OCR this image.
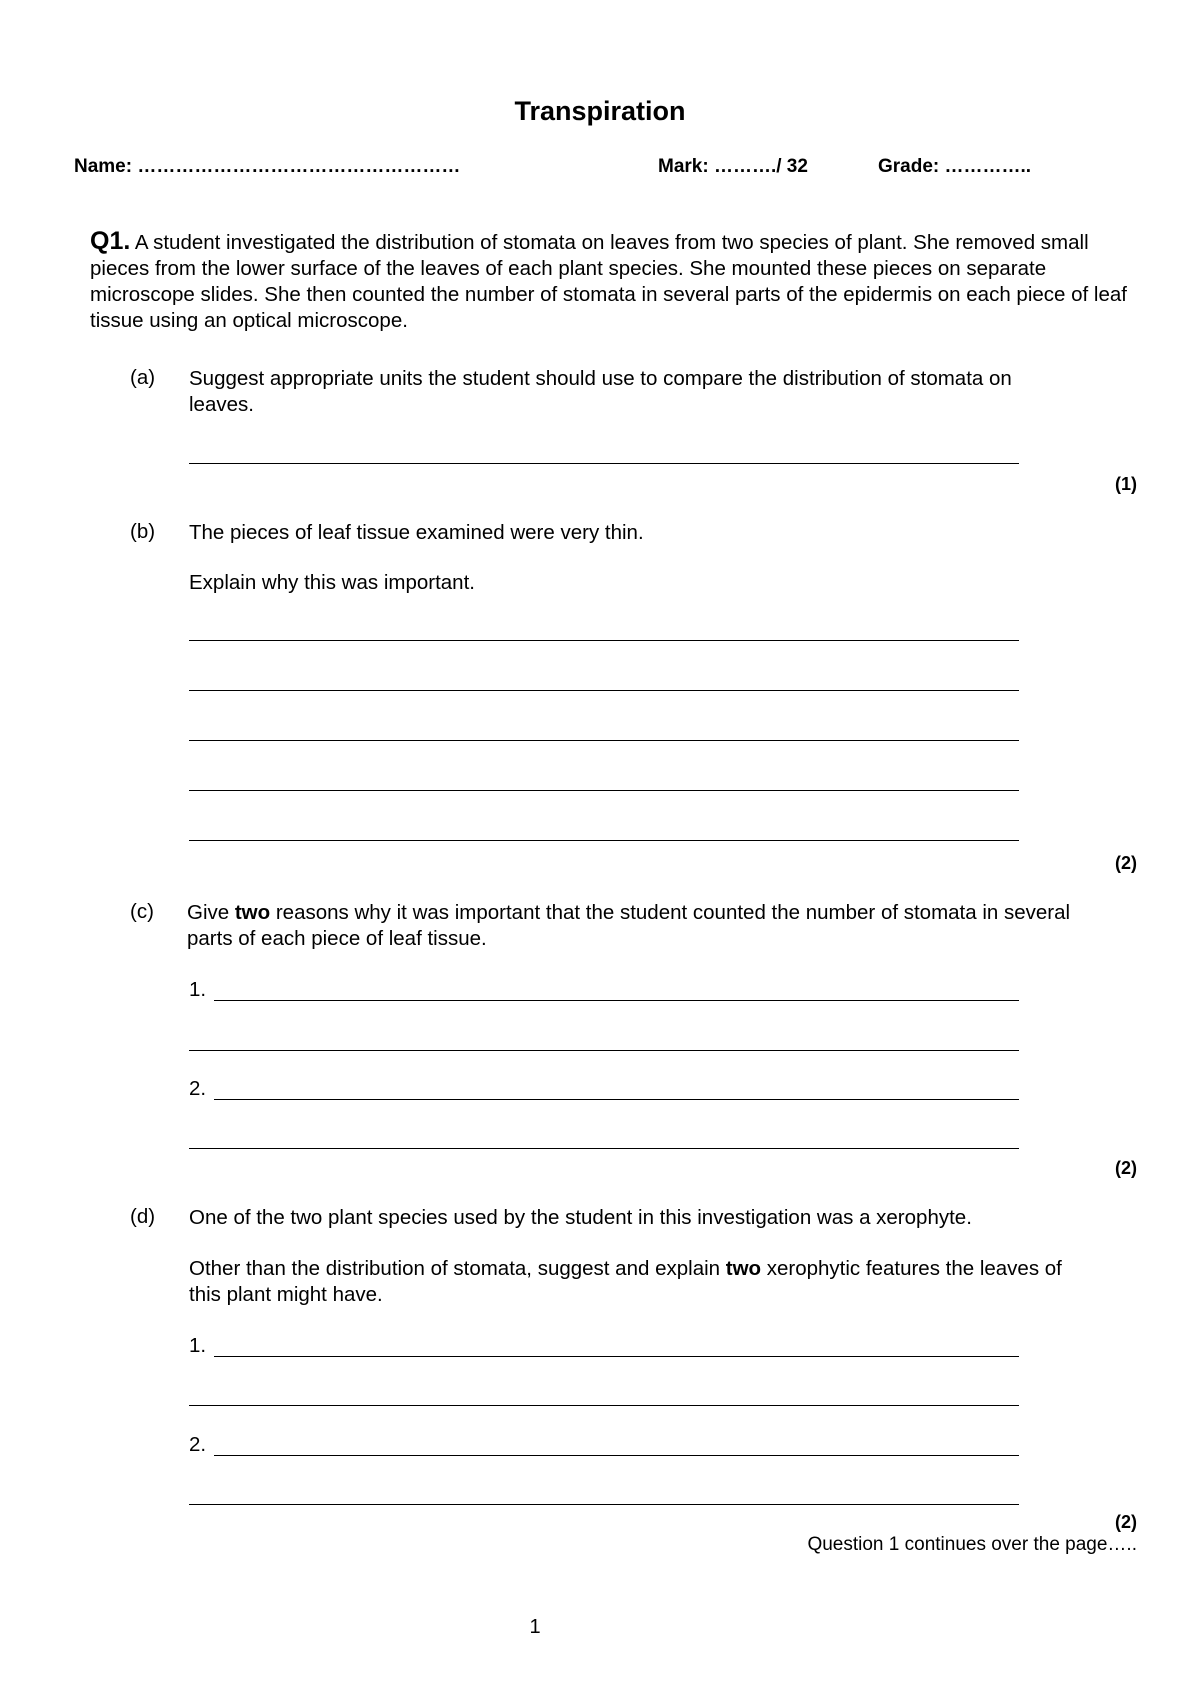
Transpiration
Name: ……………………………………………	Mark: ………./ 32	Grade: …………..
Q1. A student investigated the distribution of stomata on leaves from two species of plant. She removed small pieces from the lower surface of the leaves of each plant species. She mounted these pieces on separate microscope slides. She then counted the number of stomata in several parts of the epidermis on each piece of leaf tissue using an optical microscope.
(a) Suggest appropriate units the student should use to compare the distribution of stomata on leaves.
(1)
(b) The pieces of leaf tissue examined were very thin.
Explain why this was important.
(2)
(c) Give two reasons why it was important that the student counted the number of stomata in several parts of each piece of leaf tissue.
1.
2.
(2)
(d) One of the two plant species used by the student in this investigation was a xerophyte.
Other than the distribution of stomata, suggest and explain two xerophytic features the leaves of this plant might have.
1.
2.
(2)
Question 1 continues over the page…..
1
